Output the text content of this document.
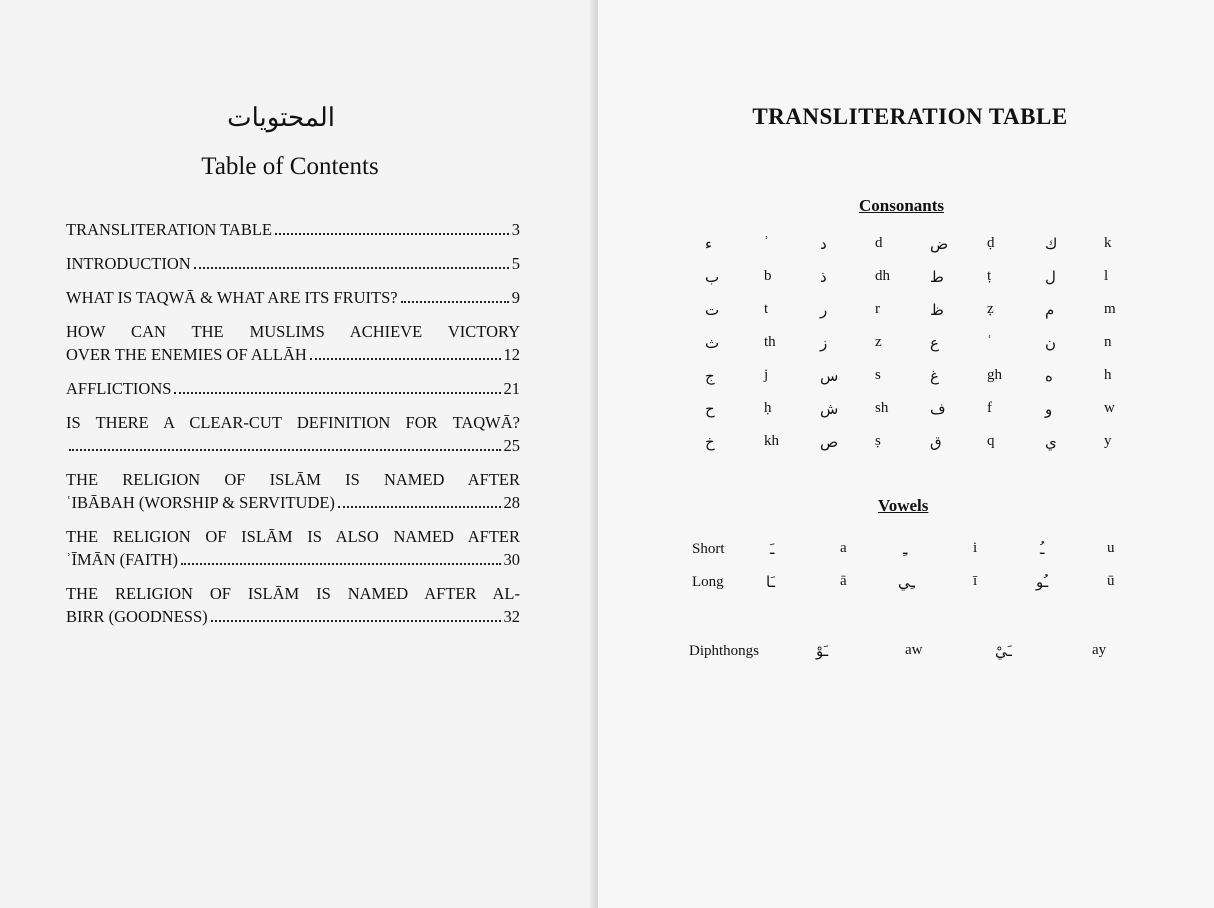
المحتويات
Table of Contents
TRANSLITERATION TABLE	3
INTRODUCTION	5
WHAT IS TAQWĀ & WHAT ARE ITS FRUITS?	9
HOW CAN THE MUSLIMS ACHIEVE VICTORY
OVER THE ENEMIES OF ALLĀH	12
AFFLICTIONS	21
IS THERE A CLEAR-CUT DEFINITION FOR TAQWĀ?
25
THE RELIGION OF ISLĀM IS NAMED AFTER
ʿIBĀBAH (WORSHIP & SERVITUDE)	28
THE RELIGION OF ISLĀM IS ALSO NAMED AFTER
ʾĪMĀN (FAITH)	30
THE RELIGION OF ISLĀM IS NAMED AFTER AL-
BIRR (GOODNESS)	32
TRANSLITERATION TABLE
Consonants
ء	ʾ	د	d	ض	ḍ	ك	k
ب	b	ذ	dh	ط	ṭ	ل	l
ت	t	ر	r	ظ	ẓ	م	m
ث	th	ز	z	ع	ʿ	ن	n
ج	j	س s	غ	gh	ه	h
ح	ḥ	ش sh	ف	f	و	w
خ	kh	ص ṣ	ق	q	ي	y
Vowels
Short	ـَ	a	ـِ	i	ـُ	u
Long	ـَا	ā	ـِي	ī	ـُو	ū
Diphthongs	ـَوْ	aw	ـَيْ	ay
